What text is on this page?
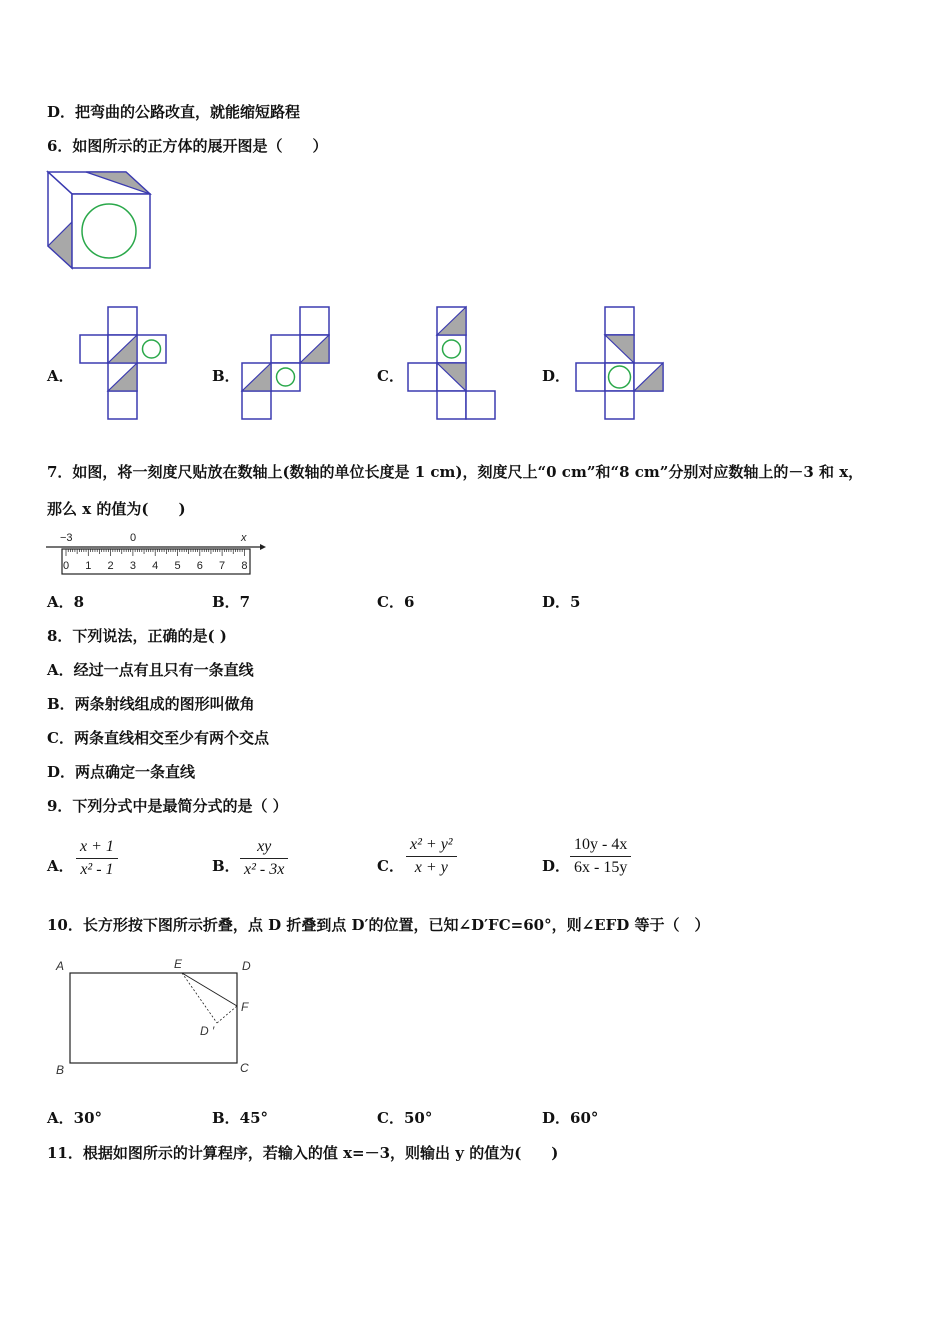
D．把弯曲的公路改直，就能缩短路程
6．如图所示的正方体的展开图是（　　）
A．	B．	C．	D．
7．如图，将一刻度尺贴放在数轴上(数轴的单位长度是 1 cm)，刻度尺上“0 cm”和“8 cm”分别对应数轴上的－3 和 x，
那么 x 的值为(　　)
−3	0	x
0 1 2 3 4 5 6 7 8
A．8	B．7	C．6	D．5
8．下列说法，正确的是( )
A．经过一点有且只有一条直线
B．两条射线组成的图形叫做角
C．两条直线相交至少有两个交点
D．两点确定一条直线
9．下列分式中是最简分式的是（ ）
A． $\frac{x + 1}{\text{x² - 1}}$	B． $\frac{xy}{\text{x² - 3x}}$	C． $\frac{\text{x² + y²}}{x + y}$	D． $\frac{10y - 4x}{6x - 15y}$
10．长方形按下图所示折叠，点 D 折叠到点 D′的位置，已知∠D′FC=60°，则∠EFD 等于（　）
A	E	D
F
D ′
B	C
A．30°	B．45°	C．50°	D．60°
11．根据如图所示的计算程序，若输入的值 x=－3，则输出 y 的值为(　　)
